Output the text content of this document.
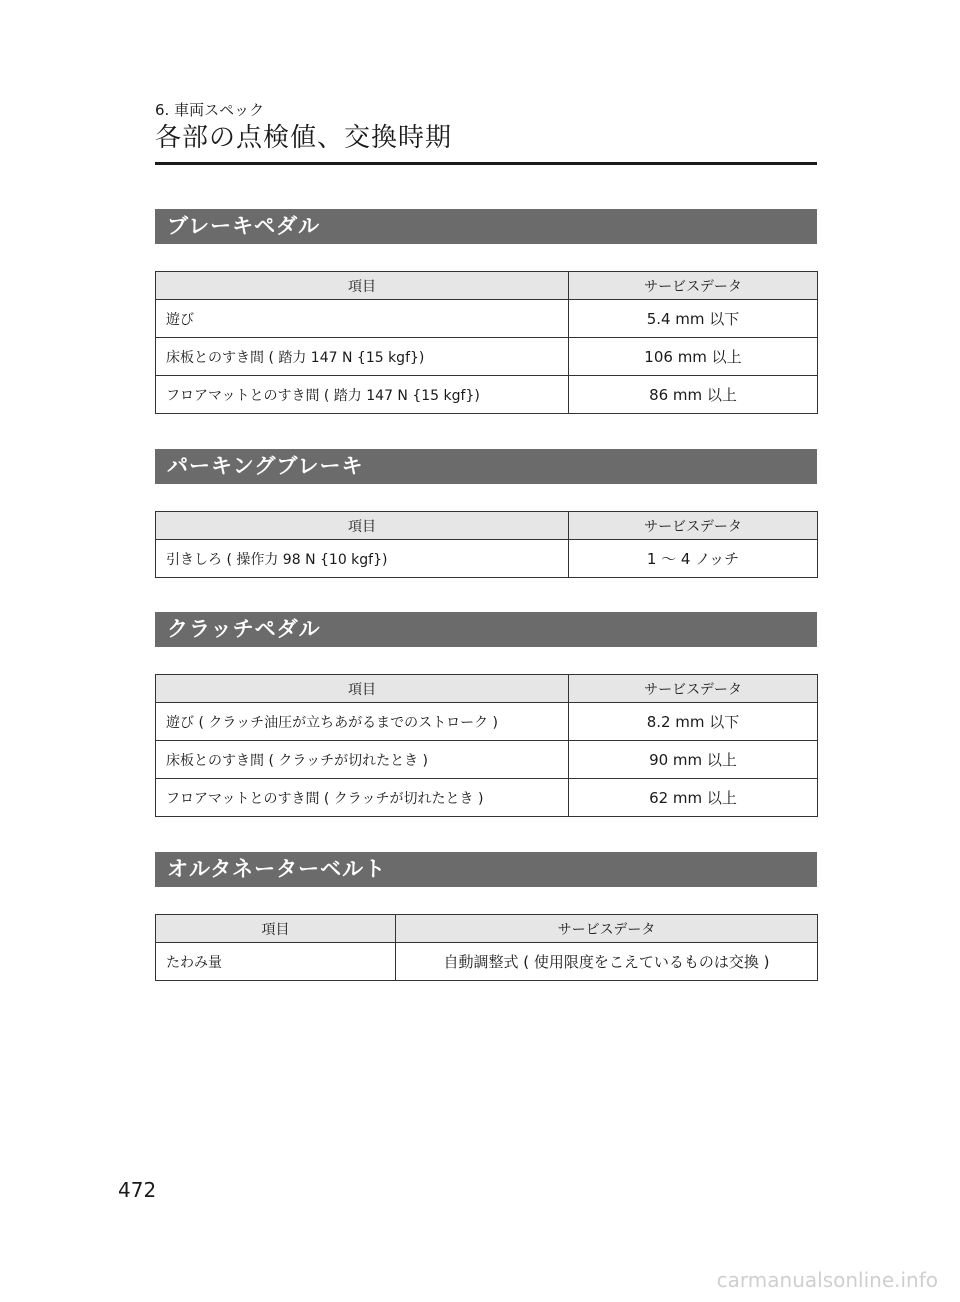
6. 車両スペック
各部の点検値、交換時期
ブレーキペダル
項目	サービスデータ
遊び	5.4 mm 以下
床板とのすき間 ( 踏力 147 N {15 kgf})	106 mm 以上
フロアマットとのすき間 ( 踏力 147 N {15 kgf})	86 mm 以上
パーキングブレーキ
項目	サービスデータ
引きしろ ( 操作力 98 N {10 kgf})	1 〜 4 ノッチ
クラッチペダル
項目	サービスデータ
遊び ( クラッチ油圧が立ちあがるまでのストローク )	8.2 mm 以下
床板とのすき間 ( クラッチが切れたとき )	90 mm 以上
フロアマットとのすき間 ( クラッチが切れたとき )	62 mm 以上
オルタネーターベルト
項目	サービスデータ
たわみ量	自動調整式 ( 使用限度をこえているものは交換 )
472
carmanualsonline.info
